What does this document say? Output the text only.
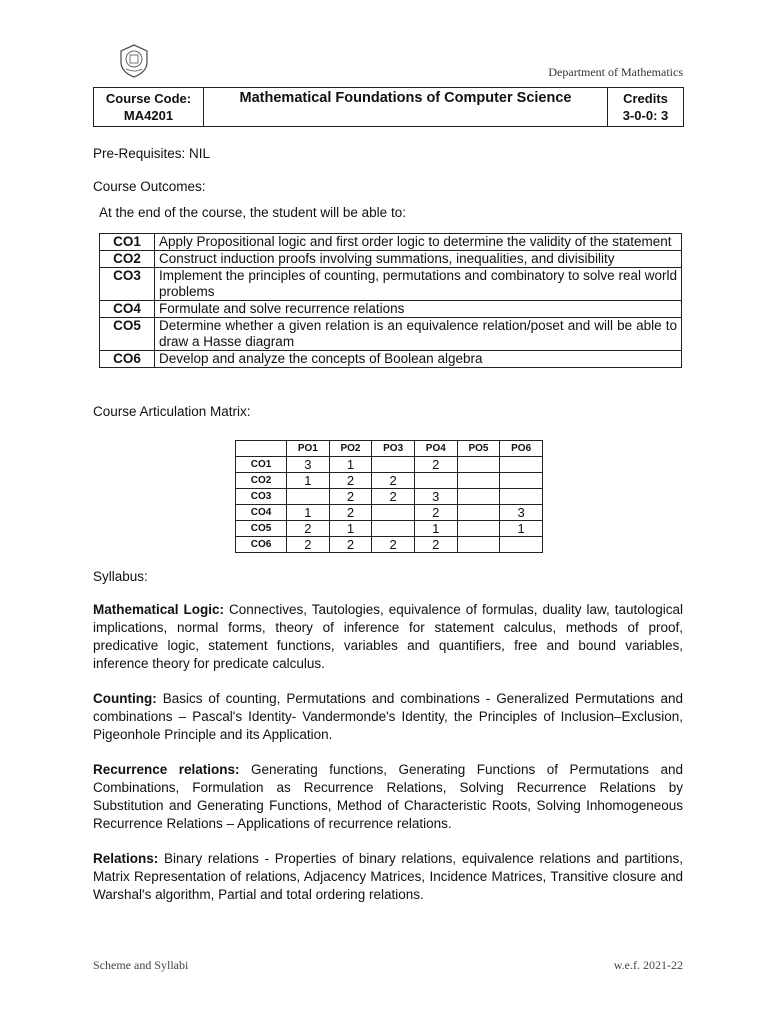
Department of Mathematics
Course Code:
MA4201
Mathematical Foundations of Computer Science	Credits
3-0-0: 3
Pre-Requisites: NIL
Course Outcomes:
At the end of the course, the student will be able to:
CO1	Apply Propositional logic and first order logic to determine the validity of the statement
CO2	Construct induction proofs involving summations, inequalities, and divisibility
CO3	Implement the principles of counting, permutations and combinatory to solve real world problems
CO4	Formulate and solve recurrence relations
CO5	Determine whether a given relation is an equivalence relation/poset and will be able to draw a Hasse diagram
CO6	Develop and analyze the concepts of Boolean algebra
Course Articulation Matrix:
	PO1	PO2	PO3	PO4	PO5	PO6
CO1	3	1		2		
CO2	1	2	2			
CO3		2	2	3		
CO4	1	2		2		3
CO5	2	1		1		1
CO6	2	2	2	2		
Syllabus:
Mathematical Logic: Connectives, Tautologies, equivalence of formulas, duality law, tautological implications, normal forms, theory of inference for statement calculus, methods of proof, predicative logic, statement functions, variables and quantifiers, free and bound variables, inference theory for predicate calculus.
Counting: Basics of counting, Permutations and combinations - Generalized Permutations and combinations – Pascal's Identity- Vandermonde's Identity, the Principles of Inclusion–Exclusion, Pigeonhole Principle and its Application.
Recurrence relations: Generating functions, Generating Functions of Permutations and Combinations, Formulation as Recurrence Relations, Solving Recurrence Relations by Substitution and Generating Functions, Method of Characteristic Roots, Solving Inhomogeneous Recurrence Relations – Applications of recurrence relations.
Relations: Binary relations - Properties of binary relations, equivalence relations and partitions, Matrix Representation of relations, Adjacency Matrices, Incidence Matrices, Transitive closure and Warshal's algorithm, Partial and total ordering relations.
Scheme and Syllabi	w.e.f. 2021-22
